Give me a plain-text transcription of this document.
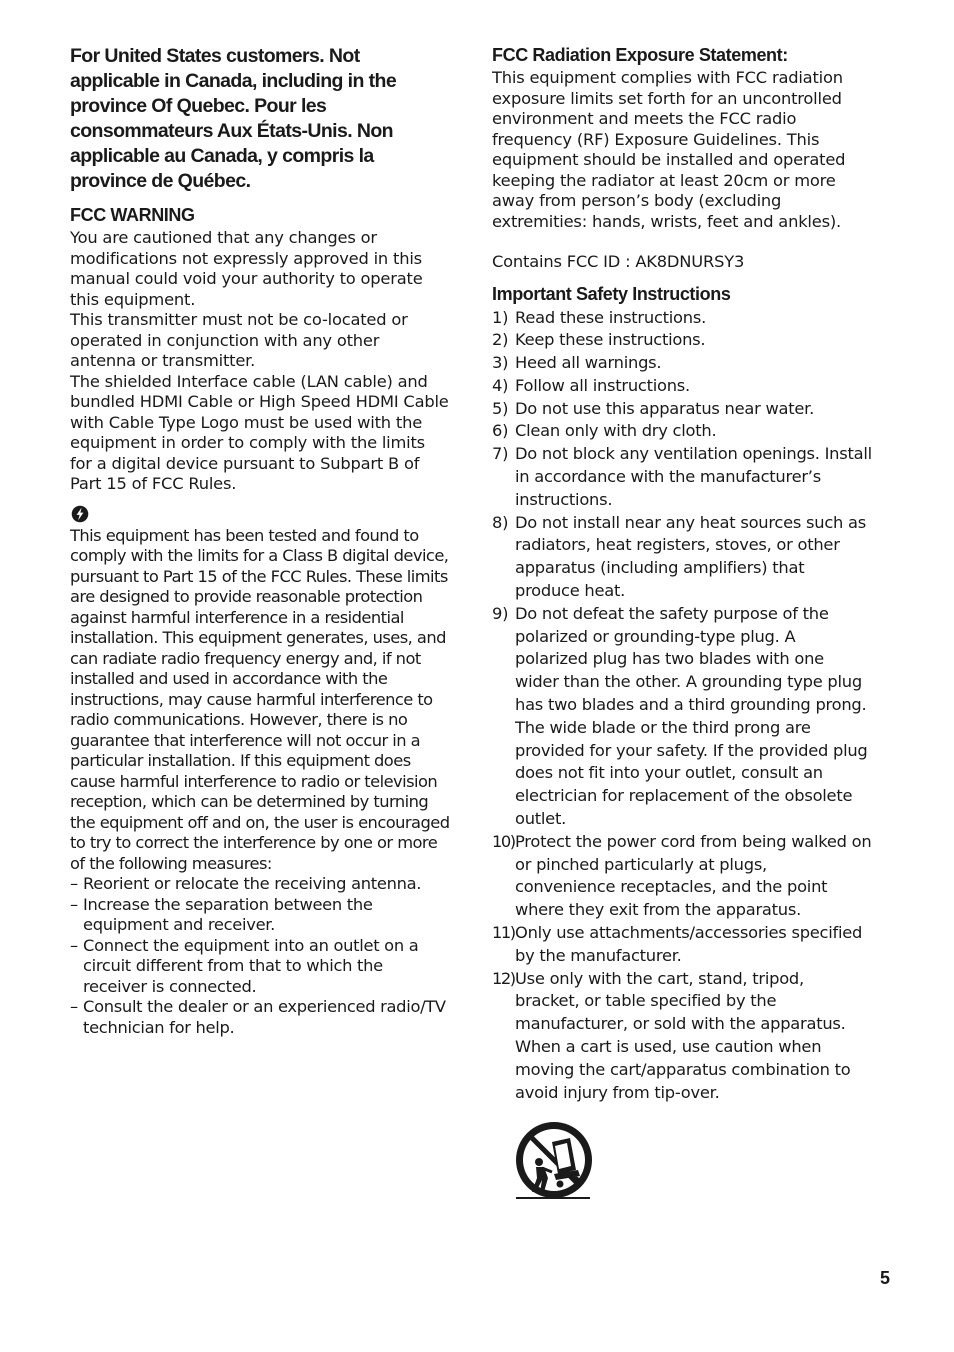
For United States customers. Not applicable in Canada, including in the province Of Quebec. Pour les consommateurs Aux États-Unis. Non applicable au Canada, y compris la province de Québec.

FCC WARNING

You are cautioned that any changes or modifications not expressly approved in this manual could void your authority to operate this equipment.

This transmitter must not be co-located or operated in conjunction with any other antenna or transmitter.

The shielded Interface cable (LAN cable) and bundled HDMI Cable or High Speed HDMI Cable with Cable Type Logo must be used with the equipment in order to comply with the limits for a digital device pursuant to Subpart B of Part 15 of FCC Rules.

This equipment has been tested and found to comply with the limits for a Class B digital device, pursuant to Part 15 of the FCC Rules. These limits are designed to provide reasonable protection against harmful interference in a residential installation. This equipment generates, uses, and can radiate radio frequency energy and, if not installed and used in accordance with the instructions, may cause harmful interference to radio communications. However, there is no guarantee that interference will not occur in a particular installation. If this equipment does cause harmful interference to radio or television reception, which can be determined by turning the equipment off and on, the user is encouraged to try to correct the interference by one or more of the following measures:

– Reorient or relocate the receiving antenna.
– Increase the separation between the equipment and receiver.
– Connect the equipment into an outlet on a circuit different from that to which the receiver is connected.
– Consult the dealer or an experienced radio/TV technician for help.
FCC Radiation Exposure Statement:

This equipment complies with FCC radiation exposure limits set forth for an uncontrolled environment and meets the FCC radio frequency (RF) Exposure Guidelines. This equipment should be installed and operated keeping the radiator at least 20cm or more away from person’s body (excluding extremities: hands, wrists, feet and ankles).

Contains FCC ID : AK8DNURSY3

Important Safety Instructions
1) Read these instructions.
2) Keep these instructions.
3) Heed all warnings.
4) Follow all instructions.
5) Do not use this apparatus near water.
6) Clean only with dry cloth.
7) Do not block any ventilation openings. Install in accordance with the manufacturer’s instructions.
8) Do not install near any heat sources such as radiators, heat registers, stoves, or other apparatus (including amplifiers) that produce heat.
9) Do not defeat the safety purpose of the polarized or grounding-type plug. A polarized plug has two blades with one wider than the other. A grounding type plug has two blades and a third grounding prong. The wide blade or the third prong are provided for your safety. If the provided plug does not fit into your outlet, consult an electrician for replacement of the obsolete outlet.
10) Protect the power cord from being walked on or pinched particularly at plugs, convenience receptacles, and the point where they exit from the apparatus.
11) Only use attachments/accessories specified by the manufacturer.
12) Use only with the cart, stand, tripod, bracket, or table specified by the manufacturer, or sold with the apparatus. When a cart is used, use caution when moving the cart/apparatus combination to avoid injury from tip-over.
5
